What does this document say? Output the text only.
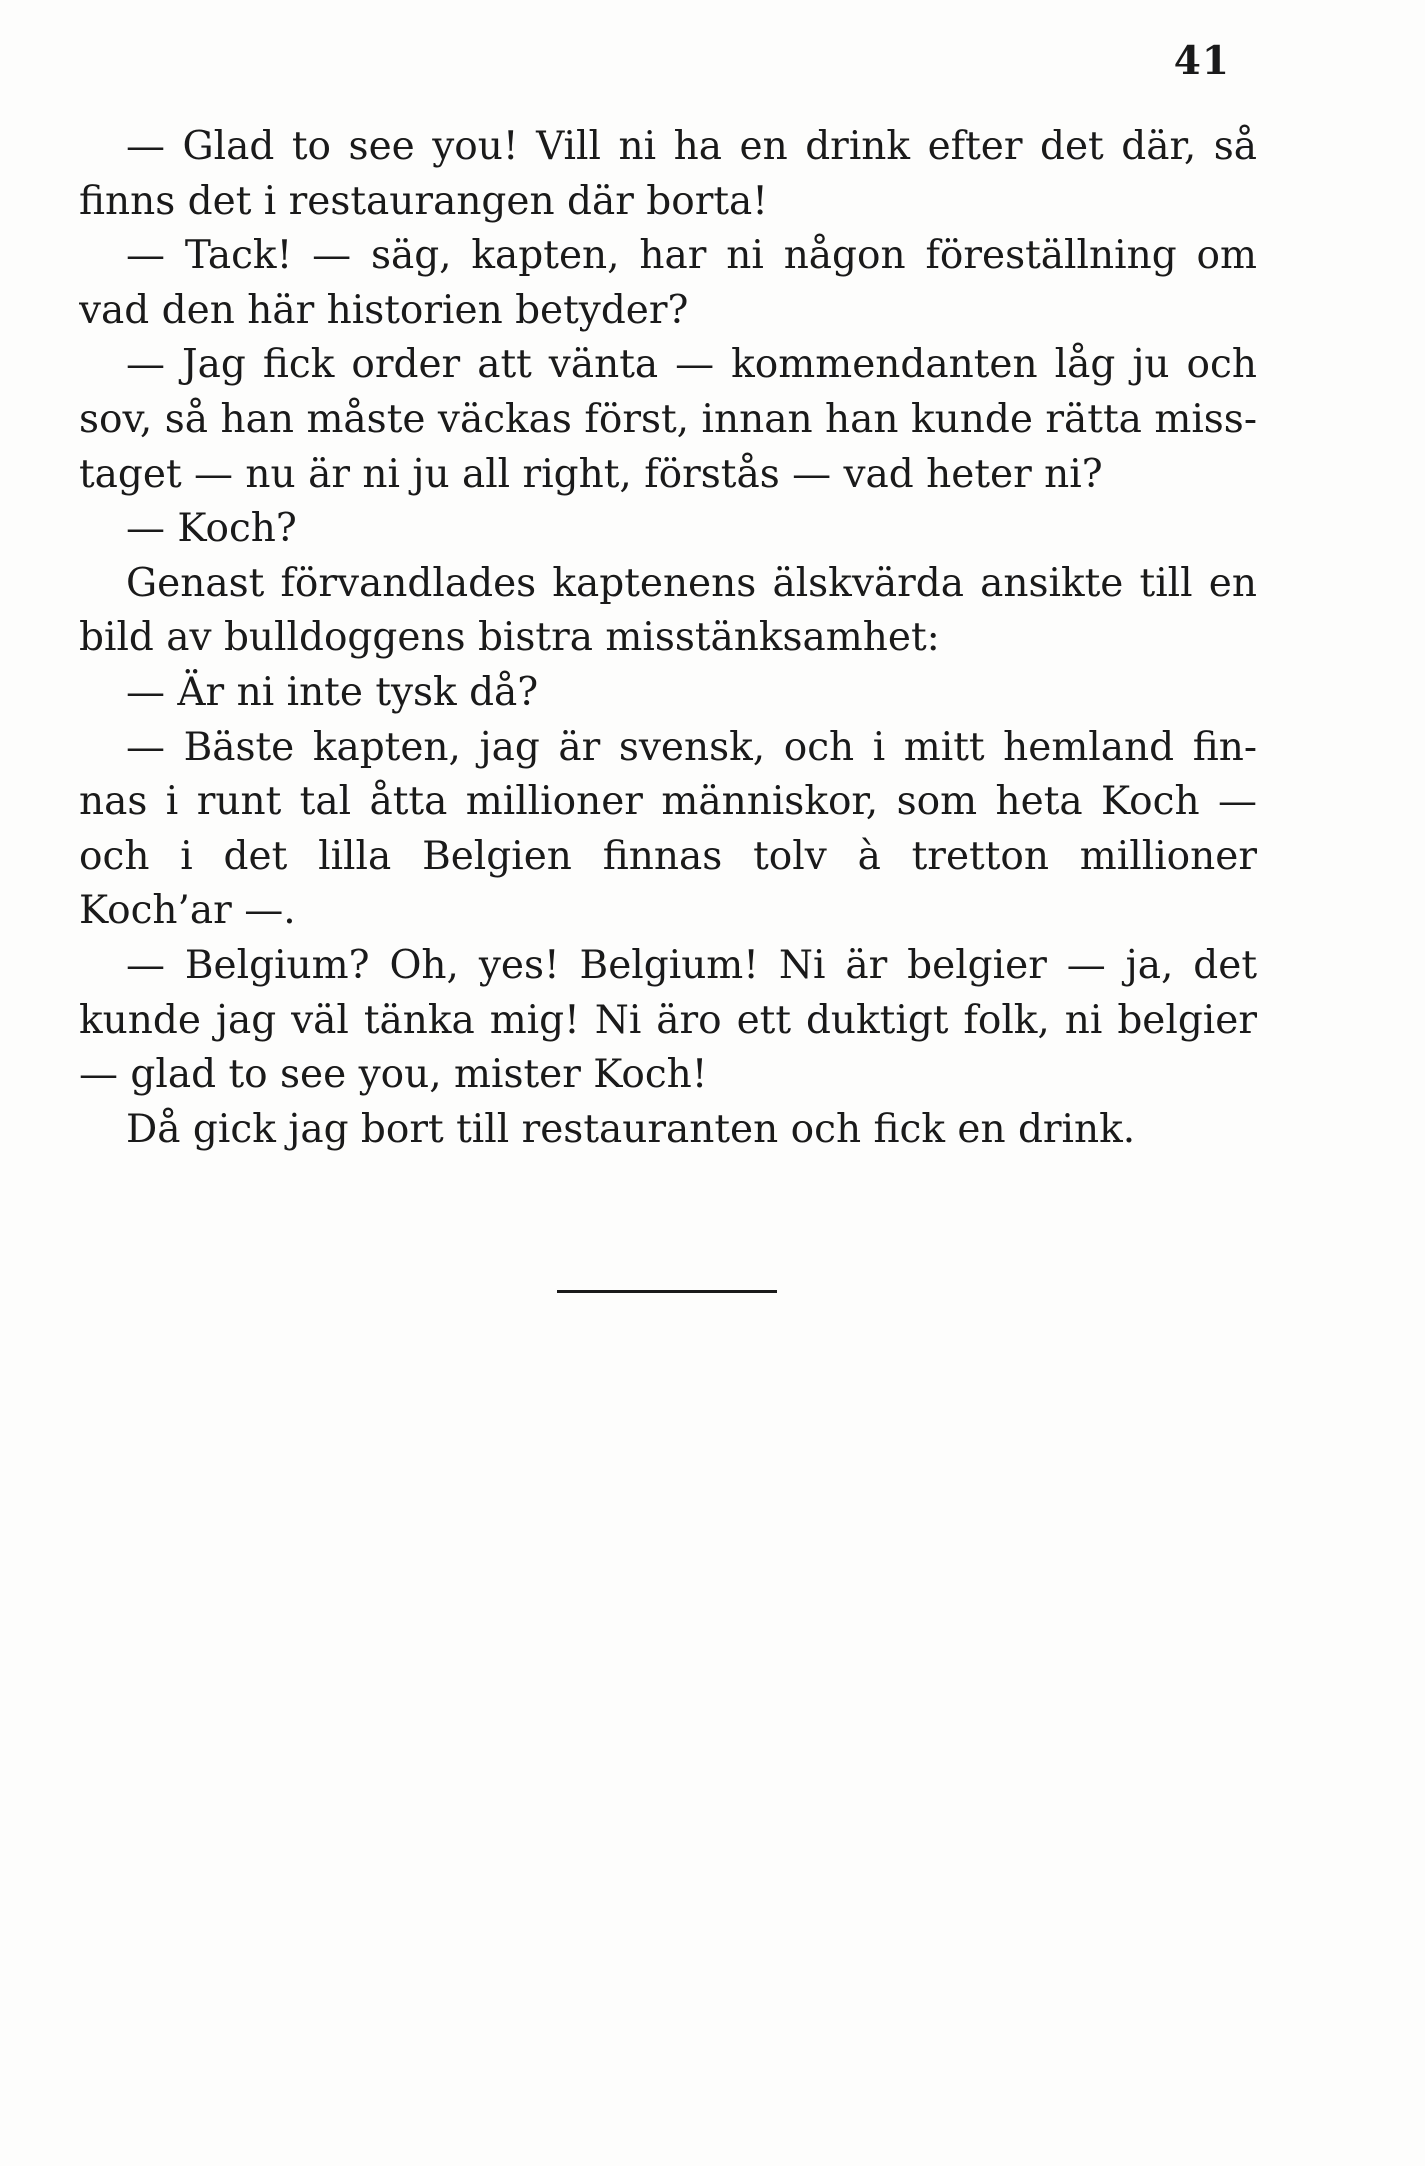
41
— Glad to see you! Vill ni ha en drink efter det där, så
finns det i restaurangen där borta!
— Tack! — säg, kapten, har ni någon föreställning om
vad den här historien betyder?
— Jag fick order att vänta — kommendanten låg ju och
sov, så han måste väckas först, innan han kunde rätta miss-
taget — nu är ni ju all right, förstås — vad heter ni?
— Koch?
Genast förvandlades kaptenens älskvärda ansikte till en
bild av bulldoggens bistra misstänksamhet:
— Är ni inte tysk då?
— Bäste kapten, jag är svensk, och i mitt hemland fin-
nas i runt tal åtta millioner människor, som heta Koch —
och i det lilla Belgien finnas tolv à tretton millioner
Koch’ar —.
— Belgium? Oh, yes! Belgium! Ni är belgier — ja, det
kunde jag väl tänka mig! Ni äro ett duktigt folk, ni belgier
— glad to see you, mister Koch!
Då gick jag bort till restauranten och fick en drink.
